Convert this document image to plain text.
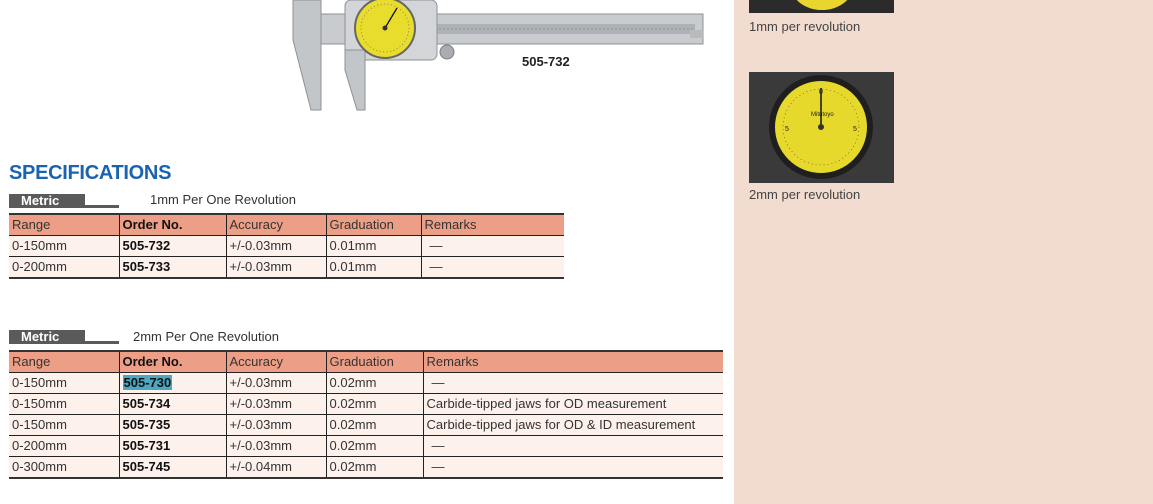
1mm per revolution
Mitutoyo
0
5
5
2mm per revolution
505-732
SPECIFICATIONS
Metric	1mm Per One Revolution
Range	Order No.	Accuracy	Graduation	Remarks
0-150mm	505-732	+/-0.03mm	0.01mm	—
0-200mm	505-733	+/-0.03mm	0.01mm	—
Metric	2mm Per One Revolution
Range	Order No.	Accuracy	Graduation	Remarks
0-150mm	505-730	+/-0.03mm	0.02mm	—
0-150mm	505-734	+/-0.03mm	0.02mm	Carbide-tipped jaws for OD measurement
0-150mm	505-735	+/-0.03mm	0.02mm	Carbide-tipped jaws for OD & ID measurement
0-200mm	505-731	+/-0.03mm	0.02mm	—
0-300mm	505-745	+/-0.04mm	0.02mm	—
